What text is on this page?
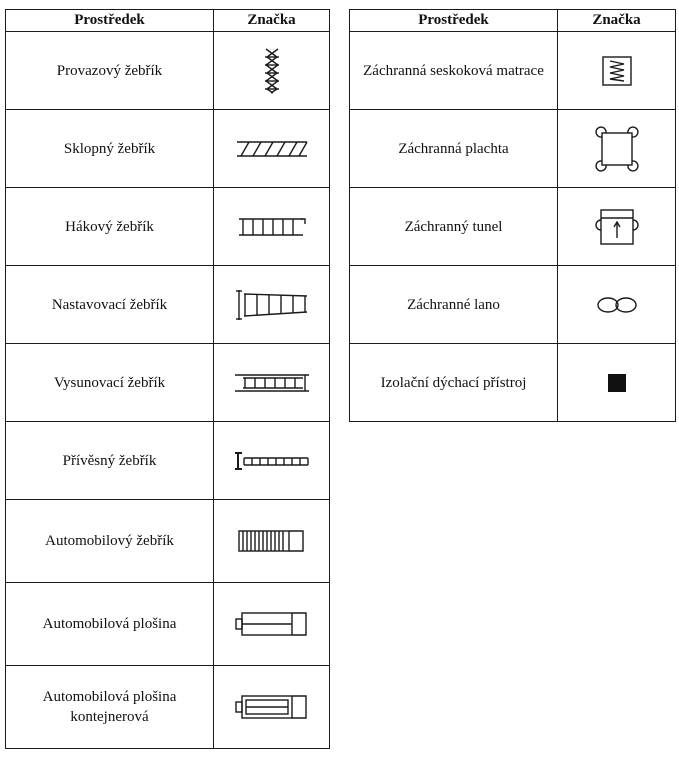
Prostředek	Značka
Provazový žebřík	

Sklopný žebřík	

Hákový žebřík	

Nastavovací žebřík	

Vysunovací žebřík	

Přívěsný žebřík	

Automobilový žebřík	

Automobilová plošina	

Automobilová plošina kontejnerová	
Prostředek	Značka
Záchranná seskoková matrace	

Záchranná plachta	

Záchranný tunel	

Záchranné lano	

Izolační dýchací přístroj	
